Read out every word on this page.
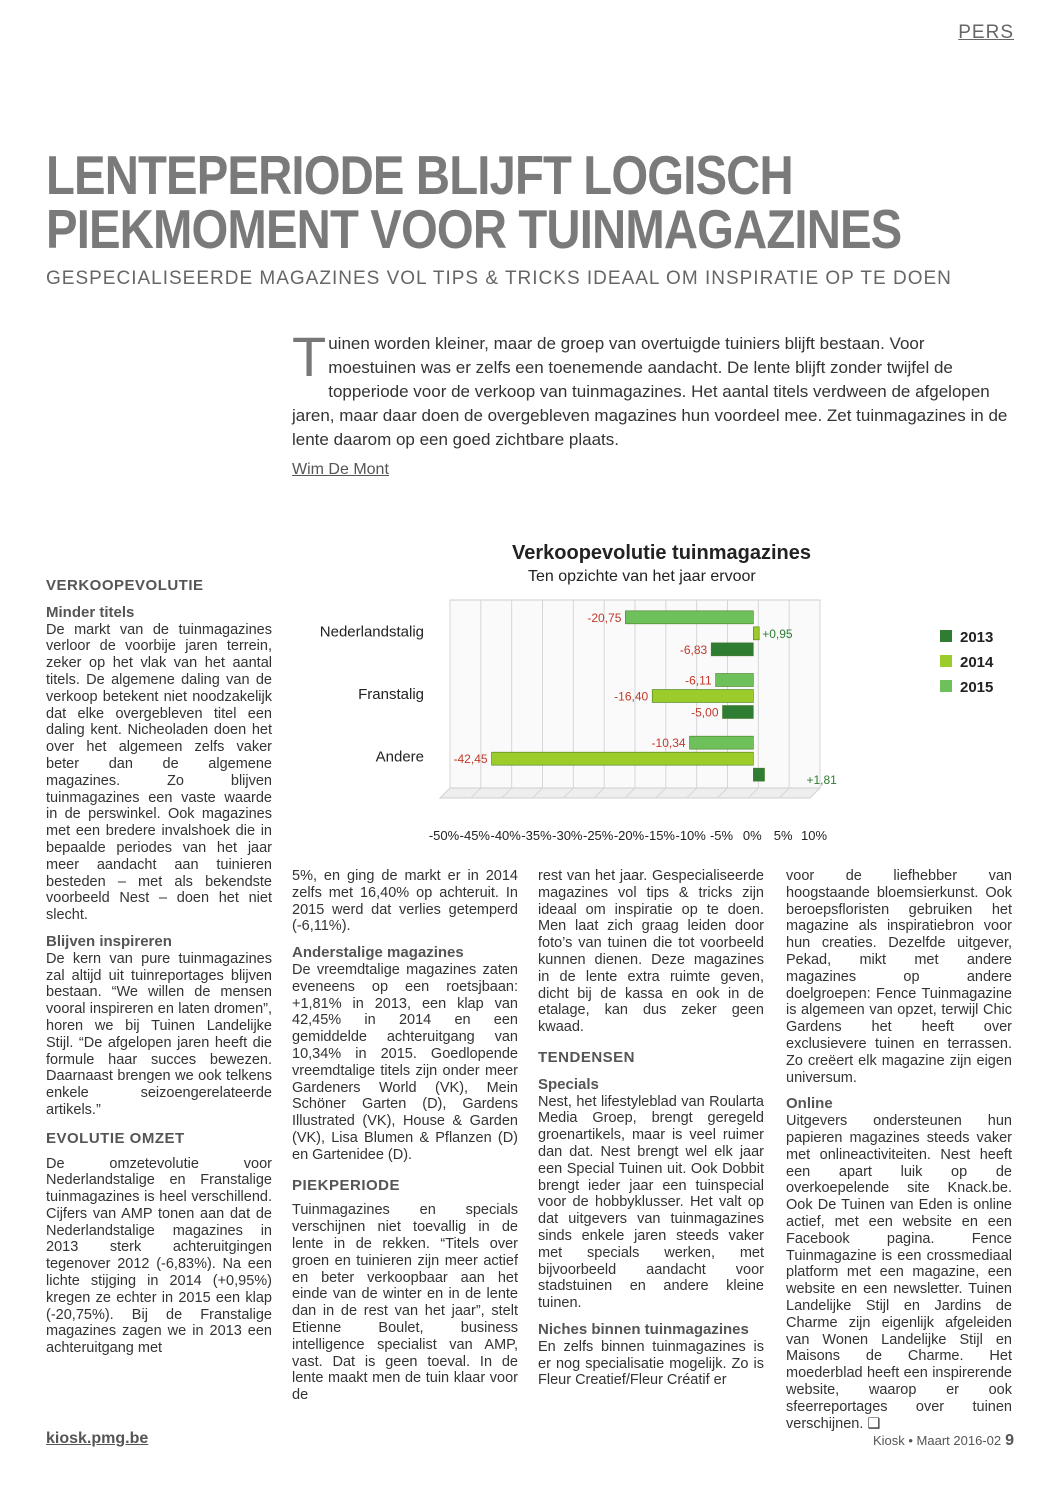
PERS
LENTEPERIODE BLIJFT LOGISCH
PIEKMOMENT VOOR TUINMAGAZINES
GESPECIALISEERDE MAGAZINES VOL TIPS & TRICKS IDEAAL OM INSPIRATIE OP TE DOEN
Tuinen worden kleiner, maar de groep van overtuigde tuiniers blijft bestaan. Voor moestuinen was er zelfs een toenemende aandacht. De lente blijft zonder twijfel de topperiode voor de verkoop van tuinmagazines. Het aantal titels verdween de afgelopen jaren, maar daar doen de overgebleven magazines hun voordeel mee. Zet tuinmagazines in de lente daarom op een goed zichtbare plaats.
Wim De Mont
Verkoopevolutie tuinmagazines
Ten opzichte van het jaar ervoor
-50% -45% -40% -35% -30% -25% -20% -15% -10% -5% 0% 5% 10%
Nederlandstalig
-20,75
+0,95
-6,83
Franstalig
-6,11
-16,40
-5,00
Andere
-10,34
-42,45
+1,81
2013
2014
2015
VERKOOPEVOLUTIE
Minder titels

De markt van de tuinmagazines verloor de voorbije jaren terrein, zeker op het vlak van het aantal titels. De algemene daling van de verkoop betekent niet noodzakelijk dat elke overgebleven titel een daling kent. Nicheoladen doen het over het algemeen zelfs vaker beter dan de algemene magazines. Zo blijven tuinmagazines een vaste waarde in de perswinkel. Ook magazines met een bredere invalshoek die in bepaalde periodes van het jaar meer aandacht aan tuinieren besteden – met als bekendste voorbeeld Nest – doen het niet slecht.

Blijven inspireren

De kern van pure tuinmagazines zal altijd uit tuinreportages blijven bestaan. “We willen de mensen vooral inspireren en laten dromen”, horen we bij Tuinen Landelijke Stijl. “De afgelopen jaren heeft die formule haar succes bewezen. Daarnaast brengen we ook telkens enkele seizoengerelateerde artikels.”

EVOLUTIE OMZET

De omzetevolutie voor Nederlandstalige en Franstalige tuinmagazines is heel verschillend. Cijfers van AMP tonen aan dat de Nederlandstalige magazines in 2013 sterk achteruitgingen tegenover 2012 (-6,83%). Na een lichte stijging in 2014 (+0,95%) kregen ze echter in 2015 een klap (-20,75%). Bij de Franstalige magazines zagen we in 2013 een achteruitgang met

5%, en ging de markt er in 2014 zelfs met 16,40% op achteruit. In 2015 werd dat verlies getemperd (-6,11%).

Anderstalige magazines

De vreemdtalige magazines zaten eveneens op een roetsjbaan: +1,81% in 2013, een klap van 42,45% in 2014 en een gemiddelde achteruitgang van 10,34% in 2015. Goedlopende vreemdtalige titels zijn onder meer Gardeners World (VK), Mein Schöner Garten (D), Gardens Illustrated (VK), House & Garden (VK), Lisa Blumen & Pflanzen (D) en Gartenidee (D).

PIEKPERIODE

Tuinmagazines en specials verschijnen niet toevallig in de lente in de rekken. “Titels over groen en tuinieren zijn meer actief en beter verkoopbaar aan het einde van de winter en in de lente dan in de rest van het jaar”, stelt Etienne Boulet, business intelligence specialist van AMP, vast. Dat is geen toeval. In de lente maakt men de tuin klaar voor de

rest van het jaar. Gespecialiseerde magazines vol tips & tricks zijn ideaal om inspiratie op te doen. Men laat zich graag leiden door foto’s van tuinen die tot voorbeeld kunnen dienen. Deze magazines in de lente extra ruimte geven, dicht bij de kassa en ook in de etalage, kan dus zeker geen kwaad.

TENDENSEN
Specials

Nest, het lifestyleblad van Roularta Media Groep, brengt geregeld groenartikels, maar is veel ruimer dan dat. Nest brengt wel elk jaar een Special Tuinen uit. Ook Dobbit brengt ieder jaar een tuinspecial voor de hobbyklusser. Het valt op dat uitgevers van tuinmagazines sinds enkele jaren steeds vaker met specials werken, met bijvoorbeeld aandacht voor stadstuinen en andere kleine tuinen.

Niches binnen tuinmagazines

En zelfs binnen tuinmagazines is er nog specialisatie mogelijk. Zo is Fleur Creatief/Fleur Créatif er

voor de liefhebber van hoogstaande bloemsierkunst. Ook beroepsfloristen gebruiken het magazine als inspiratiebron voor hun creaties. Dezelfde uitgever, Pekad, mikt met andere magazines op andere doelgroepen: Fence Tuinmagazine is algemeen van opzet, terwijl Chic Gardens het heeft over exclusievere tuinen en terrassen. Zo creëert elk magazine zijn eigen universum.

Online

Uitgevers ondersteunen hun papieren magazines steeds vaker met onlineactiviteiten. Nest heeft een apart luik op de overkoepelende site Knack.be. Ook De Tuinen van Eden is online actief, met een website en een Facebook pagina. Fence Tuinmagazine is een crossmediaal platform met een magazine, een website en een newsletter. Tuinen Landelijke Stijl en Jardins de Charme zijn eigenlijk afgeleiden van Wonen Landelijke Stijl en Maisons de Charme. Het moederblad heeft een inspirerende website, waarop er ook sfeerreportages over tuinen verschijnen. ❑

kiosk.pmg.be	Kiosk • Maart 2016-02 9
